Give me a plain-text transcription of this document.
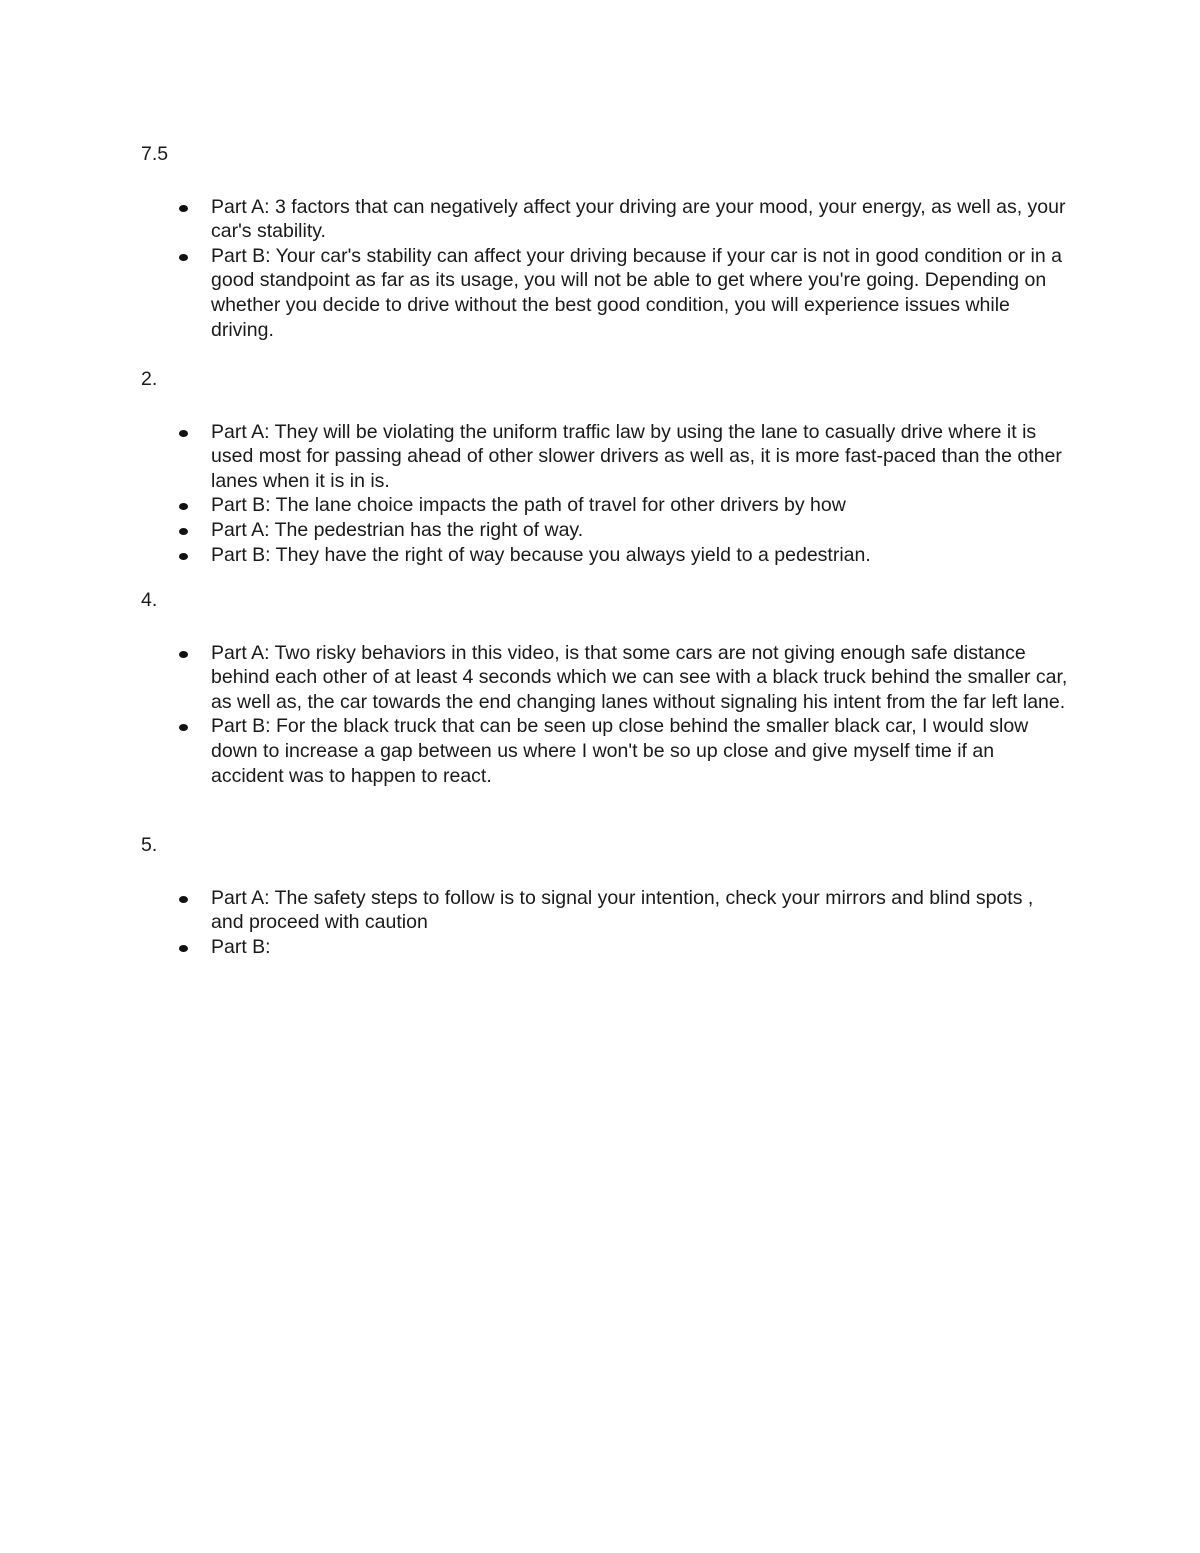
7.5

Part A: 3 factors that can negatively affect your driving are your mood, your energy, as well as, your car's stability.
Part B: Your car's stability can affect your driving because if your car is not in good condition or in a good standpoint as far as its usage, you will not be able to get where you're going. Depending on whether you decide to drive without the best good condition, you will experience issues while driving.

2.

Part A: They will be violating the uniform traffic law by using the lane to casually drive where it is used most for passing ahead of other slower drivers as well as, it is more fast-paced than the other lanes when it is in is.
Part B: The lane choice impacts the path of travel for other drivers by how
Part A: The pedestrian has the right of way.
Part B: They have the right of way because you always yield to a pedestrian.

4.

Part A: Two risky behaviors in this video, is that some cars are not giving enough safe distance behind each other of at least 4 seconds which we can see with a black truck behind the smaller car, as well as, the car towards the end changing lanes without signaling his intent from the far left lane.
Part B: For the black truck that can be seen up close behind the smaller black car, I would slow down to increase a gap between us where I won't be so up close and give myself time if an accident was to happen to react.

5.

Part A: The safety steps to follow is to signal your intention, check your mirrors and blind spots , and proceed with caution
Part B:
